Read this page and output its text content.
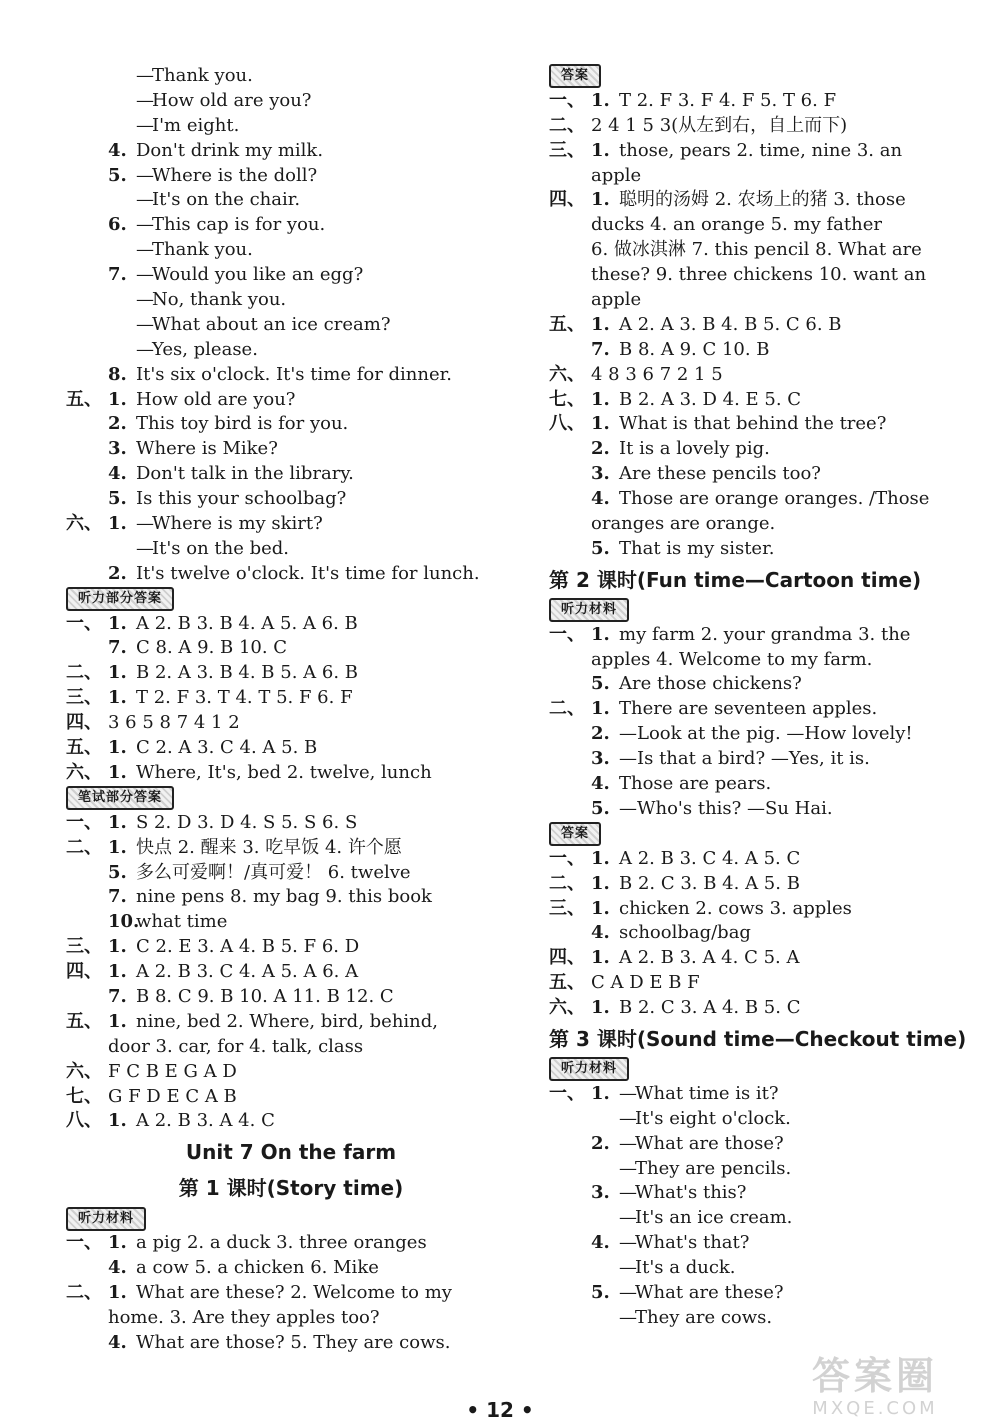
—
Thank you.
—
How old are you?
—
I'm eight.
4. Don't drink my milk.
5. —
Where is the doll?
—
It's on the chair.
6. —
This cap is for you.
—
Thank you.
7. —
Would you like an egg?
—
No, thank you.
—
What about an ice cream?
—
Yes, please.
8. It's six o'clock. It's time for dinner.
五、 1. How old are you?
2. This toy bird is for you.
3. Where is Mike?
4. Don't talk in the library.
5. Is this your schoolbag?
六、 1. —
Where is my skirt?
—
It's on the bed.
2. It's twelve o'clock. It's time for lunch.
听力部分答案
一、 1. A 2. B 3. B 4. A 5. A 6. B
7. C 8. A 9. B 10. C
二、 1. B 2. A 3. B 4. B 5. A 6. B
三、 1. T 2. F 3. T 4. T 5. F 6. F
四、 3 6 5 8 7 4 1 2
五、 1. C 2. A 3. C 4. A 5. B
六、 1. Where, It's, bed 2. twelve, lunch
笔试部分答案
一、 1. S 2. D 3. D 4. S 5. S 6. S
二、 1. 快点 2. 醒来 3. 吃早饭 4. 许个愿
5. 多么可爱啊！/真可爱！ 6. twelve
7. nine pens 8. my bag 9. this book
10.
what time
三、 1. C 2. E 3. A 4. B 5. F 6. D
四、 1. A 2. B 3. C 4. A 5. A 6. A
7. B 8. C 9. B 10. A 11. B 12. C
五、 1. nine, bed 2. Where, bird, behind,
door 3. car, for 4. talk, class
六、 F C B E G A D
七、 G F D E C A B
八、 1. A 2. B 3. A 4. C
Unit 7 On the farm
第 1 课时(Story time)
听力材料
一、 1. a pig 2. a duck 3. three oranges
4. a cow 5. a chicken 6. Mike
二、 1. What are these? 2. Welcome to my
home. 3. Are they apples too?
4. What are those? 5. They are cows.
答案
一、 1. T 2. F 3. F 4. F 5. T 6. F
二、 2 4 1 5 3(从左到右，自上而下)
三、 1. those, pears 2. time, nine 3. an
apple
四、 1. 聪明的汤姆 2. 农场上的猪 3. those
ducks 4. an orange 5. my father
6. 做冰淇淋 7. this pencil 8. What are
these? 9. three chickens 10. want an
apple
五、 1. A 2. A 3. B 4. B 5. C 6. B
7. B 8. A 9. C 10. B
六、 4 8 3 6 7 2 1 5
七、 1. B 2. A 3. D 4. E 5. C
八、 1. What is that behind the tree?
2. It is a lovely pig.
3. Are these pencils too?
4. Those are orange oranges. /Those
oranges are orange.
5. That is my sister.
第 2 课时(Fun time—Cartoon time)
听力材料
一、 1. my farm 2. your grandma 3. the
apples 4. Welcome to my farm.
5. Are those chickens?
二、 1. There are seventeen apples.
2. —Look at the pig. —How lovely!
3. —Is that a bird? —Yes, it is.
4. Those are pears.
5. —Who's this? —Su Hai.
答案
一、 1. A 2. B 3. C 4. A 5. C
二、 1. B 2. C 3. B 4. A 5. B
三、 1. chicken 2. cows 3. apples
4. schoolbag/bag
四、 1. A 2. B 3. A 4. C 5. A
五、 C A D E B F
六、 1. B 2. C 3. A 4. B 5. C
第 3 课时(Sound time—Checkout time)
听力材料
一、 1. —
What time is it?
—
It's eight o'clock.
2. —
What are those?
—
They are pencils.
3. —
What's this?
—
It's an ice cream.
4. —
What's that?
—
It's a duck.
5. —
What are these?
—
They are cows.
• 12 •
答案圈
MXQE.COM
